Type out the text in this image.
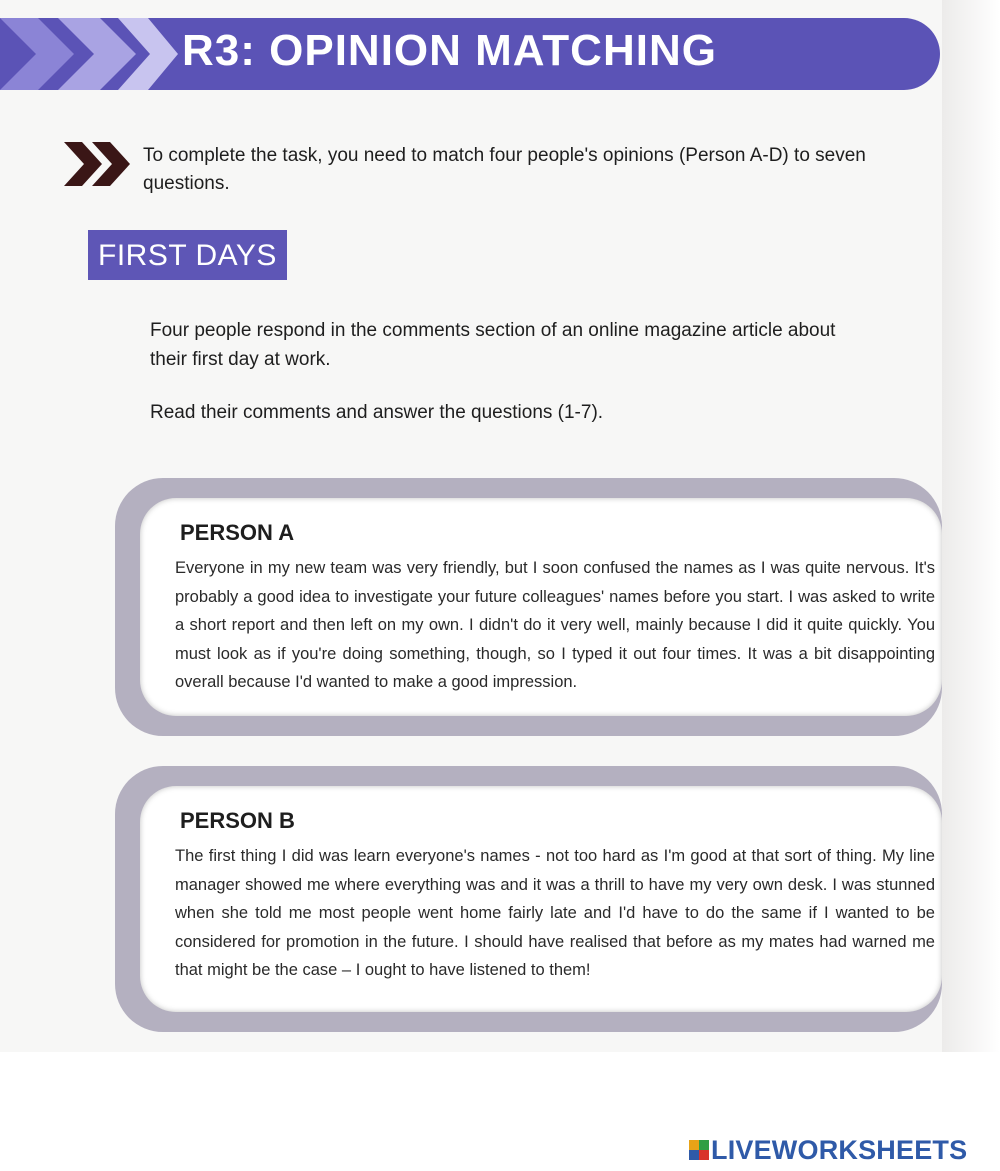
R3: OPINION MATCHING
To complete the task, you need to match four people's opinions (Person A-D) to seven questions.
FIRST DAYS
Four people respond in the comments section of an online magazine article about their first day at work.
Read their comments and answer the questions (1-7).
PERSON A
Everyone in my new team was very friendly, but I soon confused the names as I was quite nervous. It's probably a good idea to investigate your future colleagues' names before you start. I was asked to write a short report and then left on my own. I didn't do it very well, mainly because I did it quite quickly. You must look as if you're doing something, though, so I typed it out four times. It was a bit disappointing overall because I'd wanted to make a good impression.
PERSON B
The first thing I did was learn everyone's names - not too hard as I'm good at that sort of thing. My line manager showed me where everything was and it was a thrill to have my very own desk. I was stunned when she told me most people went home fairly late and I'd have to do the same if I wanted to be considered for promotion in the future. I should have realised that before as my mates had warned me that might be the case – I ought to have listened to them!
LIVEWORKSHEETS
